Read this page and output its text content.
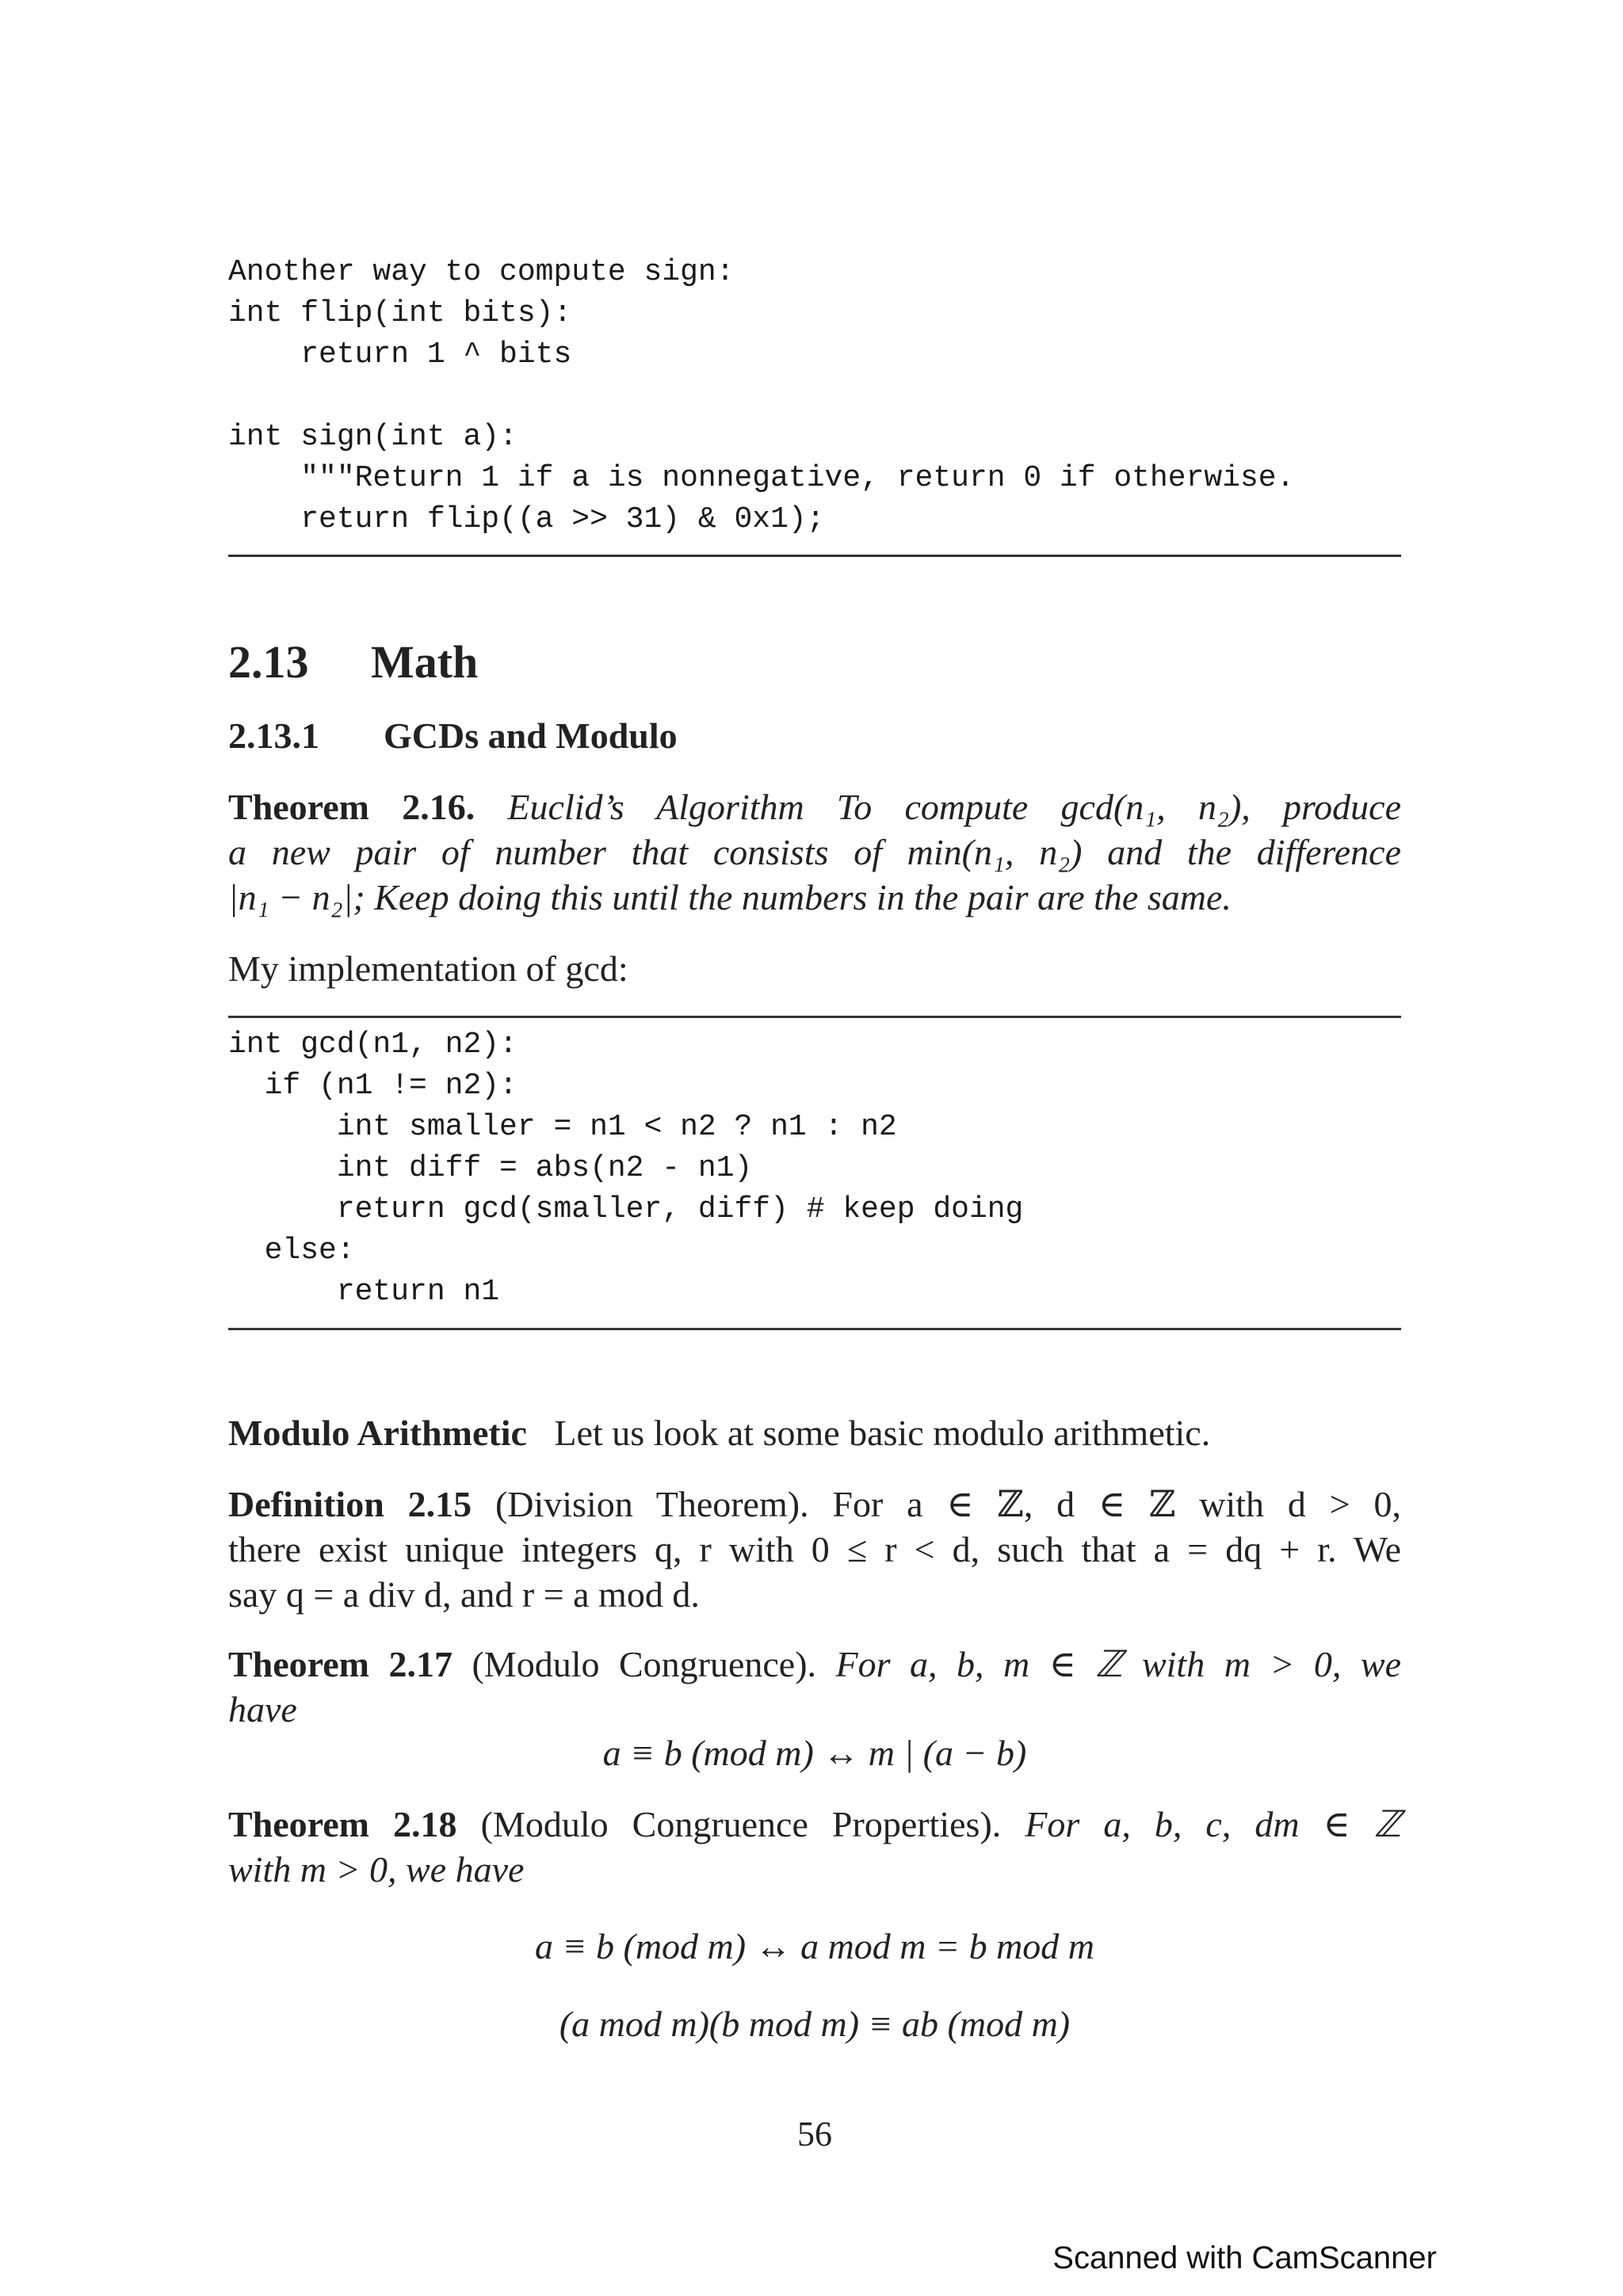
Another way to compute sign:
int flip(int bits):
return 1 ^ bits
int sign(int a):
"""Return 1 if a is nonnegative, return 0 if otherwise.
return flip((a >> 31) & 0x1);
2.13 Math
2.13.1 GCDs and Modulo
Theorem 2.16. Euclid’s Algorithm To compute gcd(n₁, n₂), produce
a new pair of number that consists of min(n₁, n₂) and the difference
|n₁ − n₂|; Keep doing this until the numbers in the pair are the same.
My implementation of gcd:
int gcd(n1, n2):
if (n1 != n2):
int smaller = n1 < n2 ? n1 : n2
int diff = abs(n2 - n1)
return gcd(smaller, diff) # keep doing
else:
return n1
Modulo Arithmetic Let us look at some basic modulo arithmetic.
Definition 2.15 (Division Theorem). For a ∈ ℤ, d ∈ ℤ with d > 0,
there exist unique integers q, r with 0 ≤ r < d, such that a = dq + r. We
say q = a div d, and r = a mod d.
Theorem 2.17 (Modulo Congruence). For a, b, m ∈ ℤ with m > 0, we
have
a ≡ b (mod m) ↔ m | (a − b)
Theorem 2.18 (Modulo Congruence Properties). For a, b, c, dm ∈ ℤ
with m > 0, we have
a ≡ b (mod m) ↔ a mod m = b mod m
(a mod m)(b mod m) ≡ ab (mod m)
56
Scanned with CamScanner
